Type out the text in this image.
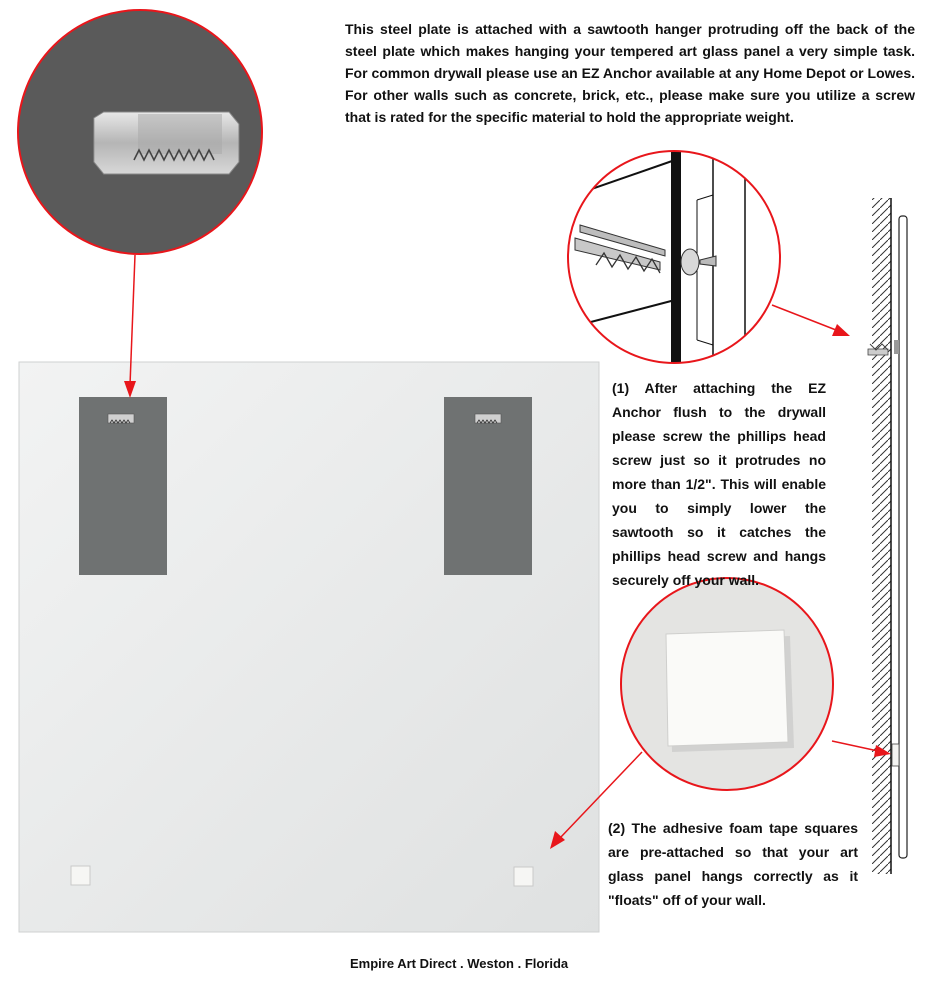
This steel plate is attached with a sawtooth hanger protruding off the back of the steel plate which makes hanging your tempered art glass panel a very simple task. For common drywall please use an EZ Anchor available at any Home Depot or Lowes. For other walls such as concrete, brick, etc., please make sure you utilize a screw that is rated for the specific material to hold the appropriate weight.
(1) After attaching the EZ Anchor flush to the drywall please screw the phillips head screw just so it protrudes no more than 1/2". This will enable you to simply lower the sawtooth so it catches the phillips head screw and hangs securely off your wall.
(2) The adhesive foam tape squares are pre-attached so that your art glass panel hangs correctly as it "floats" off of your wall.
Empire Art Direct . Weston . Florida
